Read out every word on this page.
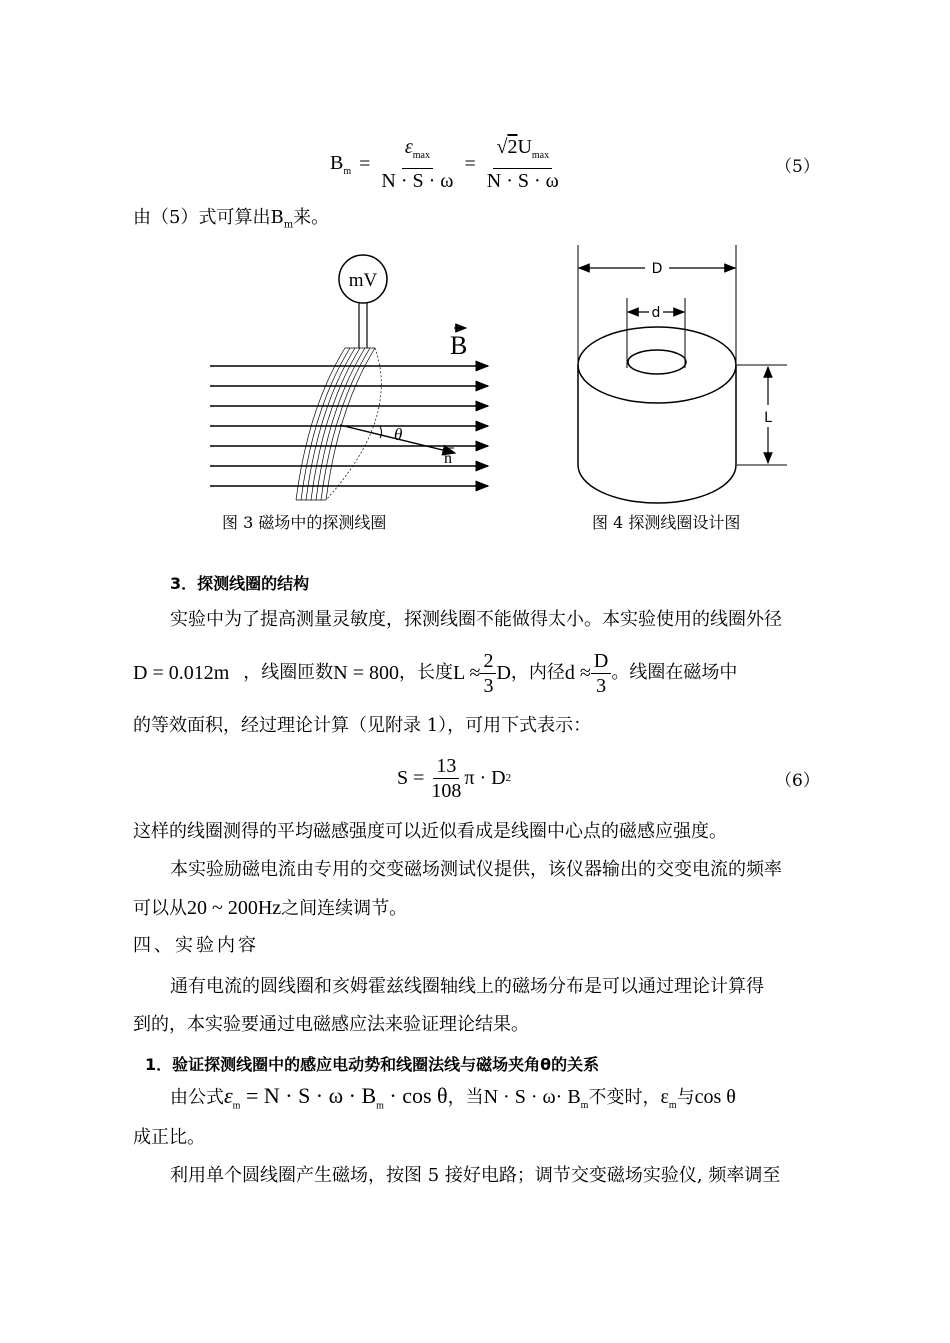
$B_m = \frac{\varepsilon_{max}}{N \cdot S \cdot \omega} = \frac{√2U_{max}}{N \cdot S \cdot \omega}$	（5）
由（5）式可算出$B_m$来。
mV
θ
n
B
图 3 磁场中的探测线圈
D
d
L
图 4 探测线圈设计图
3．探测线圈的结构
实验中为了提高测量灵敏度，探测线圈不能做得太小。本实验使用的线圈外径
D = 0.012m ，线圈匝数 N = 800 ，长度 $L \approx \frac{2}{3}$ D ，内径 $d \approx \frac{D}{3}$ 。线圈在磁场中
的等效面积，经过理论计算（见附录 1），可用下式表示：
$S = \frac{13}{108}$ π · D 2	（6）
这样的线圈测得的平均磁感强度可以近似看成是线圈中心点的磁感应强度。
本实验励磁电流由专用的交变磁场测试仪提供，该仪器输出的交变电流的频率
可以从20 ~ 200Hz之间连续调节。
四、实验内容
通有电流的圆线圈和亥姆霍兹线圈轴线上的磁场分布是可以通过理论计算得
到的，本实验要通过电磁感应法来验证理论结果。
1．验证探测线圈中的感应电动势和线圈法线与磁场夹角θ的关系
由公式 $\varepsilon_m = N \cdot S \cdot \omega \cdot B_m \cdot \cos \theta$ ，当 $N \cdot S \cdot \omega\cdot B_m$ 不变时， $\varepsilon_m$ 与 cos θ
成正比。
利用单个圆线圈产生磁场，按图 5 接好电路；调节交变磁场实验仪, 频率调至
